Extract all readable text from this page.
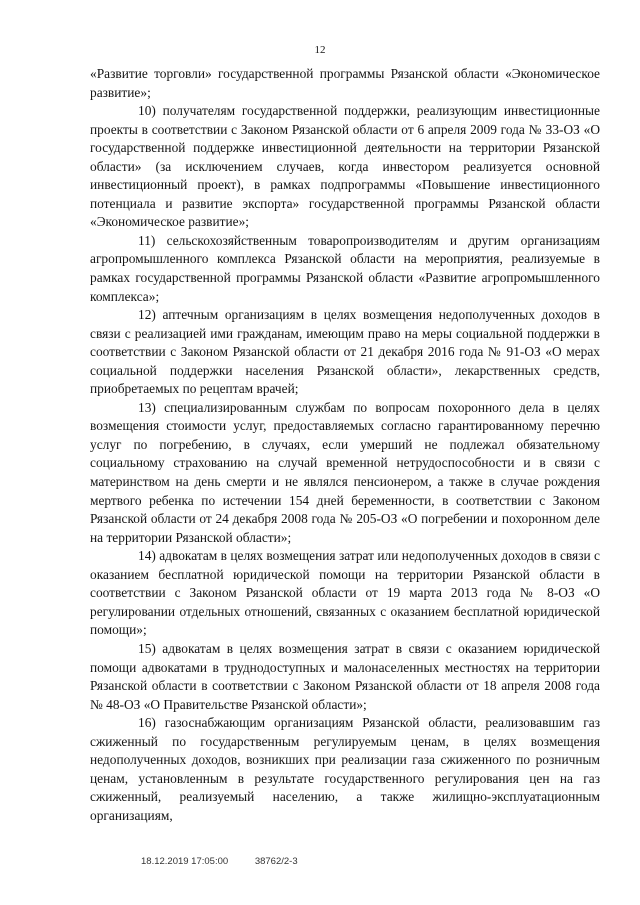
12

«Развитие торговли» государственной программы Рязанской области «Экономическое развитие»;

10) получателям государственной поддержки, реализующим инвестиционные проекты в соответствии с Законом Рязанской области от 6 апреля 2009 года № 33-ОЗ «О государственной поддержке инвестиционной деятельности на территории Рязанской области» (за исключением случаев, когда инвестором реализуется основной инвестиционный проект), в рамках подпрограммы «Повышение инвестиционного потенциала и развитие экспорта» государственной программы Рязанской области «Экономическое развитие»;

11) сельскохозяйственным товаропроизводителям и другим организациям агропромышленного комплекса Рязанской области на мероприятия, реализуемые в рамках государственной программы Рязанской области «Развитие агропромышленного комплекса»;

12) аптечным организациям в целях возмещения недополученных доходов в связи с реализацией ими гражданам, имеющим право на меры социальной поддержки в соответствии с Законом Рязанской области от 21 декабря 2016 года № 91-ОЗ «О мерах социальной поддержки населения Рязанской области», лекарственных средств, приобретаемых по рецептам врачей;

13) специализированным службам по вопросам похоронного дела в целях возмещения стоимости услуг, предоставляемых согласно гарантированному перечню услуг по погребению, в случаях, если умерший не подлежал обязательному социальному страхованию на случай временной нетрудоспособности и в связи с материнством на день смерти и не являлся пенсионером, а также в случае рождения мертвого ребенка по истечении 154 дней беременности, в соответствии с Законом Рязанской области от 24 декабря 2008 года № 205-ОЗ «О погребении и похоронном деле на территории Рязанской области»;

14) адвокатам в целях возмещения затрат или недополученных доходов в связи с оказанием бесплатной юридической помощи на территории Рязанской области в соответствии с Законом Рязанской области от 19 марта 2013 года № 8-ОЗ «О регулировании отдельных отношений, связанных с оказанием бесплатной юридической помощи»;

15) адвокатам в целях возмещения затрат в связи с оказанием юридической помощи адвокатами в труднодоступных и малонаселенных местностях на территории Рязанской области в соответствии с Законом Рязанской области от 18 апреля 2008 года № 48-ОЗ «О Правительстве Рязанской области»;

16) газоснабжающим организациям Рязанской области, реализовавшим газ сжиженный по государственным регулируемым ценам, в целях возмещения недополученных доходов, возникших при реализации газа сжиженного по розничным ценам, установленным в результате государственного регулирования цен на газ сжиженный, реализуемый населению, а также жилищно-эксплуатационным организациям,

18.12.2019 17:05:00	38762/2-3
